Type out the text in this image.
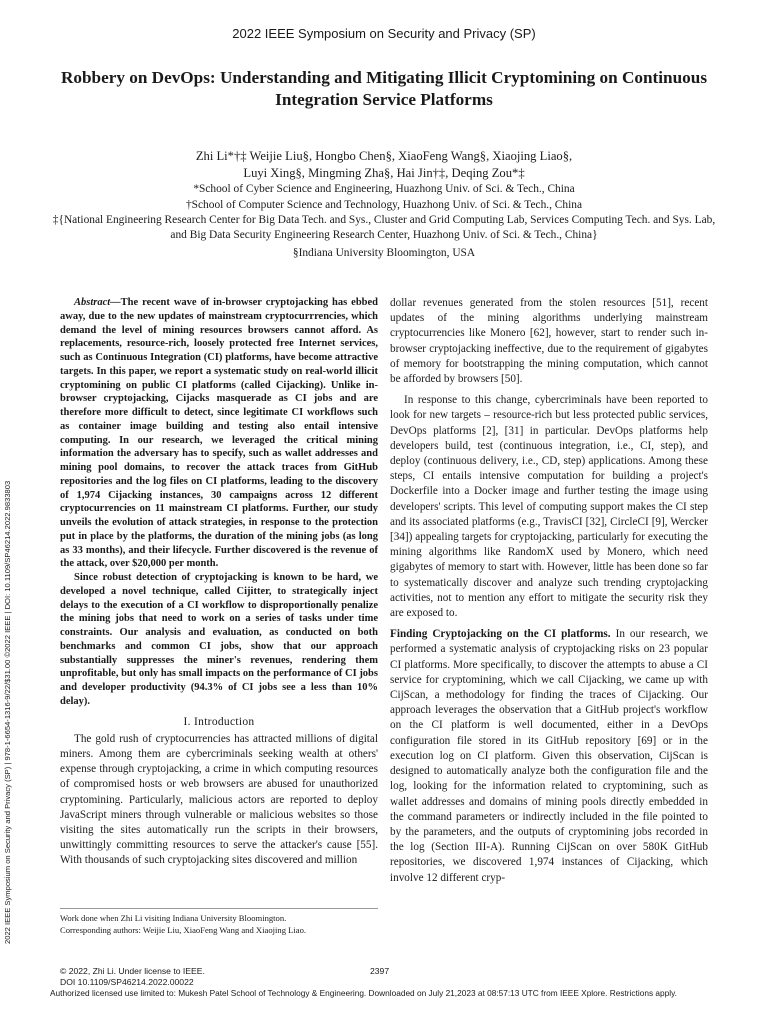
2022 IEEE Symposium on Security and Privacy (SP)
Robbery on DevOps: Understanding and Mitigating Illicit Cryptomining on Continuous Integration Service Platforms
Zhi Li*†‡ Weijie Liu§, Hongbo Chen§, XiaoFeng Wang§, Xiaojing Liao§,
Luyi Xing§, Mingming Zha§, Hai Jin†‡, Deqing Zou*‡
*School of Cyber Science and Engineering, Huazhong Univ. of Sci. & Tech., China
†School of Computer Science and Technology, Huazhong Univ. of Sci. & Tech., China
‡{National Engineering Research Center for Big Data Tech. and Sys., Cluster and Grid Computing Lab, Services Computing Tech. and Sys. Lab, and Big Data Security Engineering Research Center, Huazhong Univ. of Sci. & Tech., China}
§Indiana University Bloomington, USA
2022 IEEE Symposium on Security and Privacy (SP) | 978-1-6654-1316-9/22/$31.00 ©2022 IEEE | DOI: 10.1109/SP46214.2022.9833803

Abstract—The recent wave of in-browser cryptojacking has ebbed away, due to the new updates of mainstream cryptocurrrencies, which demand the level of mining resources browsers cannot afford. As replacements, resource-rich, loosely protected free Internet services, such as Continuous Integration (CI) platforms, have become attractive targets. In this paper, we report a systematic study on real-world illicit cryptomining on public CI platforms (called Cijacking). Unlike in-browser cryptojacking, Cijacks masquerade as CI jobs and are therefore more difficult to detect, since legitimate CI workflows such as container image building and testing also entail intensive computing. In our research, we leveraged the critical mining information the adversary has to specify, such as wallet addresses and mining pool domains, to recover the attack traces from GitHub repositories and the log files on CI platforms, leading to the discovery of 1,974 Cijacking instances, 30 campaigns across 12 different cryptocurrencies on 11 mainstream CI platforms. Further, our study unveils the evolution of attack strategies, in response to the protection put in place by the platforms, the duration of the mining jobs (as long as 33 months), and their lifecycle. Further discovered is the revenue of the attack, over $20,000 per month.

Since robust detection of cryptojacking is known to be hard, we developed a novel technique, called Cijitter, to strategically inject delays to the execution of a CI workflow to disproportionally penalize the mining jobs that need to work on a series of tasks under time constraints. Our analysis and evaluation, as conducted on both benchmarks and common CI jobs, show that our approach substantially suppresses the miner's revenues, rendering them unprofitable, but only has small impacts on the performance of CI jobs and developer productivity (94.3% of CI jobs see a less than 10% delay).

I. Introduction

The gold rush of cryptocurrencies has attracted millions of digital miners. Among them are cybercriminals seeking wealth at others' expense through cryptojacking, a crime in which computing resources of compromised hosts or web browsers are abused for unauthorized cryptomining. Particularly, malicious actors are reported to deploy JavaScript miners through vulnerable or malicious websites so those visiting the sites automatically run the scripts in their browsers, unwittingly committing resources to serve the attacker's cause [55]. With thousands of such cryptojacking sites discovered and million

Work done when Zhi Li visiting Indiana University Bloomington.
Corresponding authors: Weijie Liu, XiaoFeng Wang and Xiaojing Liao.

dollar revenues generated from the stolen resources [51], recent updates of the mining algorithms underlying mainstream cryptocurrencies like Monero [62], however, start to render such in-browser cryptojacking ineffective, due to the requirement of gigabytes of memory for bootstrapping the mining computation, which cannot be afforded by browsers [50].

In response to this change, cybercriminals have been reported to look for new targets – resource-rich but less protected public services, DevOps platforms [2], [31] in particular. DevOps platforms help developers build, test (continuous integration, i.e., CI, step), and deploy (continuous delivery, i.e., CD, step) applications. Among these steps, CI entails intensive computation for building a project's Dockerfile into a Docker image and further testing the image using developers' scripts. This level of computing support makes the CI step and its associated platforms (e.g., TravisCI [32], CircleCI [9], Wercker [34]) appealing targets for cryptojacking, particularly for executing the mining algorithms like RandomX used by Monero, which need gigabytes of memory to start with. However, little has been done so far to systematically discover and analyze such trending cryptojacking activities, not to mention any effort to mitigate the security risk they are exposed to.

Finding Cryptojacking on the CI platforms. In our research, we performed a systematic analysis of cryptojacking risks on 23 popular CI platforms. More specifically, to discover the attempts to abuse a CI service for cryptomining, which we call Cijacking, we came up with CijScan, a methodology for finding the traces of Cijacking. Our approach leverages the observation that a GitHub project's workflow on the CI platform is well documented, either in a DevOps configuration file stored in its GitHub repository [69] or in the execution log on CI platform. Given this observation, CijScan is designed to automatically analyze both the configuration file and the log, looking for the information related to cryptomining, such as wallet addresses and domains of mining pools directly embedded in the command parameters or indirectly included in the file pointed to by the parameters, and the outputs of cryptomining jobs recorded in the log (Section III-A). Running CijScan on over 580K GitHub repositories, we discovered 1,974 instances of Cijacking, which involve 12 different cryp-

© 2022, Zhi Li. Under license to IEEE.
DOI 10.1109/SP46214.2022.00022
2397
Authorized licensed use limited to: Mukesh Patel School of Technology & Engineering. Downloaded on July 21,2023 at 08:57:13 UTC from IEEE Xplore. Restrictions apply.
